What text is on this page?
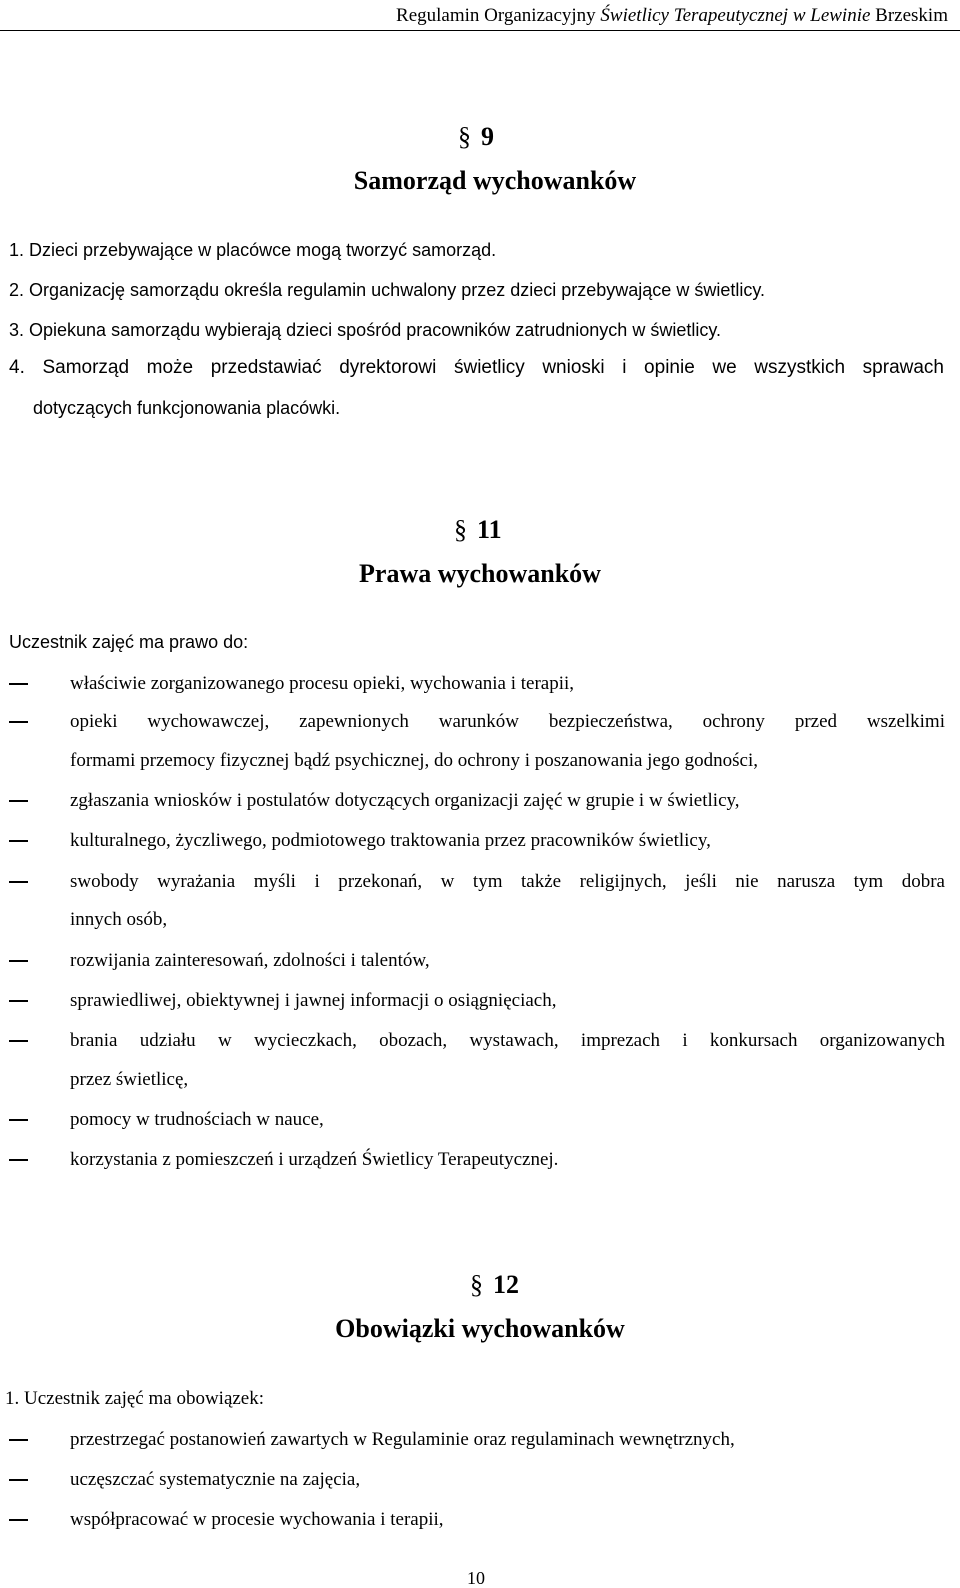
Regulamin Organizacyjny Świetlicy Terapeutycznej w Lewinie Brzeskim
§ 9
Samorząd wychowanków
1. Dzieci przebywające w placówce mogą tworzyć samorząd.
2. Organizację samorządu określa regulamin uchwalony przez dzieci przebywające w świetlicy.
3. Opiekuna samorządu wybierają dzieci spośród pracowników zatrudnionych w świetlicy.
4. Samorząd może przedstawiać dyrektorowi świetlicy wnioski i opinie we wszystkich sprawach
dotyczących funkcjonowania placówki.
§ 11
Prawa wychowanków
Uczestnik zajęć ma prawo do:
właściwie zorganizowanego procesu opieki, wychowania i terapii,
opieki wychowawczej, zapewnionych warunków bezpieczeństwa, ochrony przed wszelkimi
formami przemocy fizycznej bądź psychicznej, do ochrony i poszanowania jego godności,
zgłaszania wniosków i postulatów dotyczących organizacji zajęć w grupie i w świetlicy,
kulturalnego, życzliwego, podmiotowego traktowania przez pracowników świetlicy,
swobody wyrażania myśli i przekonań, w tym także religijnych, jeśli nie narusza tym dobra
innych osób,
rozwijania zainteresowań, zdolności i talentów,
sprawiedliwej, obiektywnej i jawnej informacji o osiągnięciach,
brania udziału w wycieczkach, obozach, wystawach, imprezach i konkursach organizowanych
przez świetlicę,
pomocy w trudnościach w nauce,
korzystania z pomieszczeń i urządzeń Świetlicy Terapeutycznej.
§ 12
Obowiązki wychowanków
1. Uczestnik zajęć ma obowiązek:
przestrzegać postanowień zawartych w Regulaminie oraz regulaminach wewnętrznych,
uczęszczać systematycznie na zajęcia,
współpracować w procesie wychowania i terapii,
10
